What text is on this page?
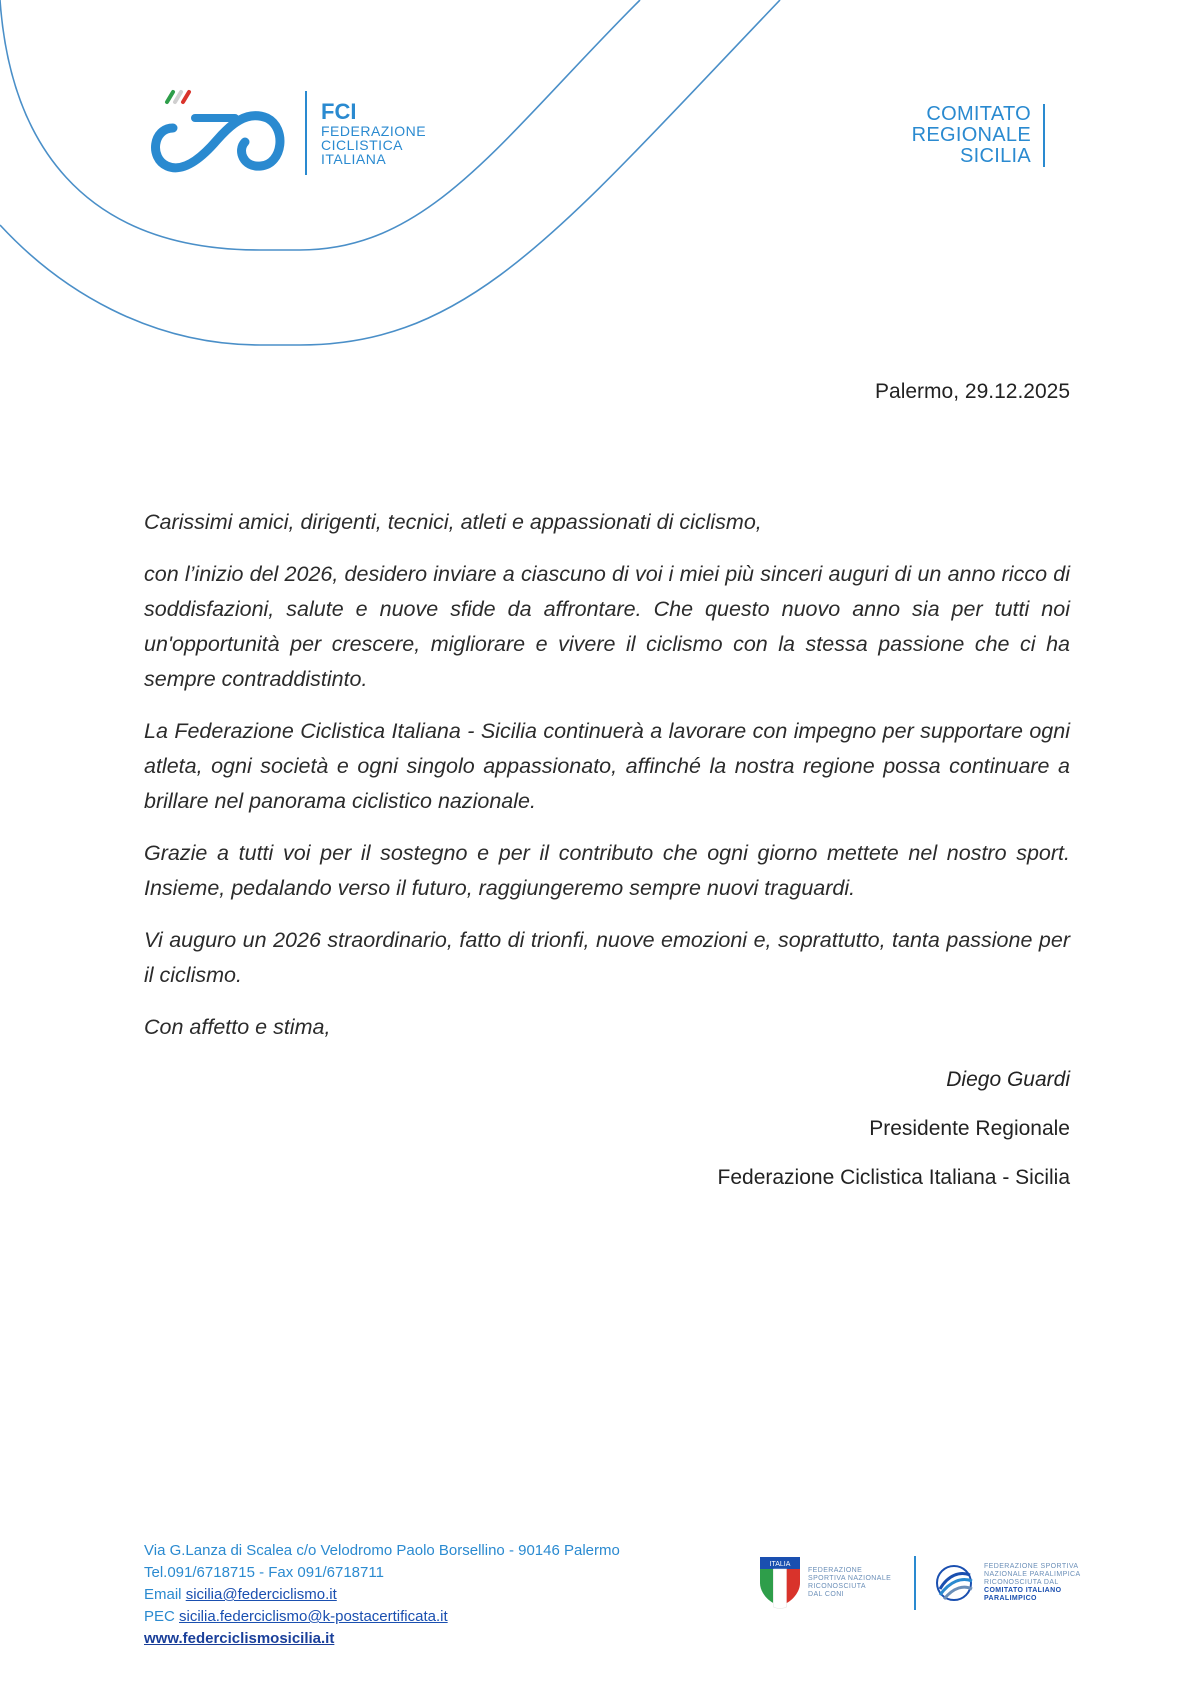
FCI
FEDERAZIONE
CICLISTICA
ITALIANA
COMITATO
REGIONALE
SICILIA
Palermo, 29.12.2025

Carissimi amici, dirigenti, tecnici, atleti e appassionati di ciclismo,

con l’inizio del 2026, desidero inviare a ciascuno di voi i miei più sinceri auguri di un anno ricco di soddisfazioni, salute e nuove sfide da affrontare. Che questo nuovo anno sia per tutti noi un'opportunità per crescere, migliorare e vivere il ciclismo con la stessa passione che ci ha sempre contraddistinto.

La Federazione Ciclistica Italiana - Sicilia continuerà a lavorare con impegno per supportare ogni atleta, ogni società e ogni singolo appassionato, affinché la nostra regione possa continuare a brillare nel panorama ciclistico nazionale.

Grazie a tutti voi per il sostegno e per il contributo che ogni giorno mettete nel nostro sport. Insieme, pedalando verso il futuro, raggiungeremo sempre nuovi traguardi.

Vi auguro un 2026 straordinario, fatto di trionfi, nuove emozioni e, soprattutto, tanta passione per il ciclismo.

Con affetto e stima,

Diego Guardi
Presidente Regionale
Federazione Ciclistica Italiana - Sicilia
Via G.Lanza di Scalea c/o Velodromo Paolo Borsellino - 90146 Palermo
Tel.091/6718715 - Fax 091/6718711
Email sicilia@federciclismo.it
PEC sicilia.federciclismo@k-postacertificata.it
www.federciclismosicilia.it
ITALIA
FEDERAZIONE
SPORTIVA NAZIONALE
RICONOSCIUTA
DAL CONI
FEDERAZIONE SPORTIVA
NAZIONALE PARALIMPICA
RICONOSCIUTA DAL
COMITATO ITALIANO
PARALIMPICO
